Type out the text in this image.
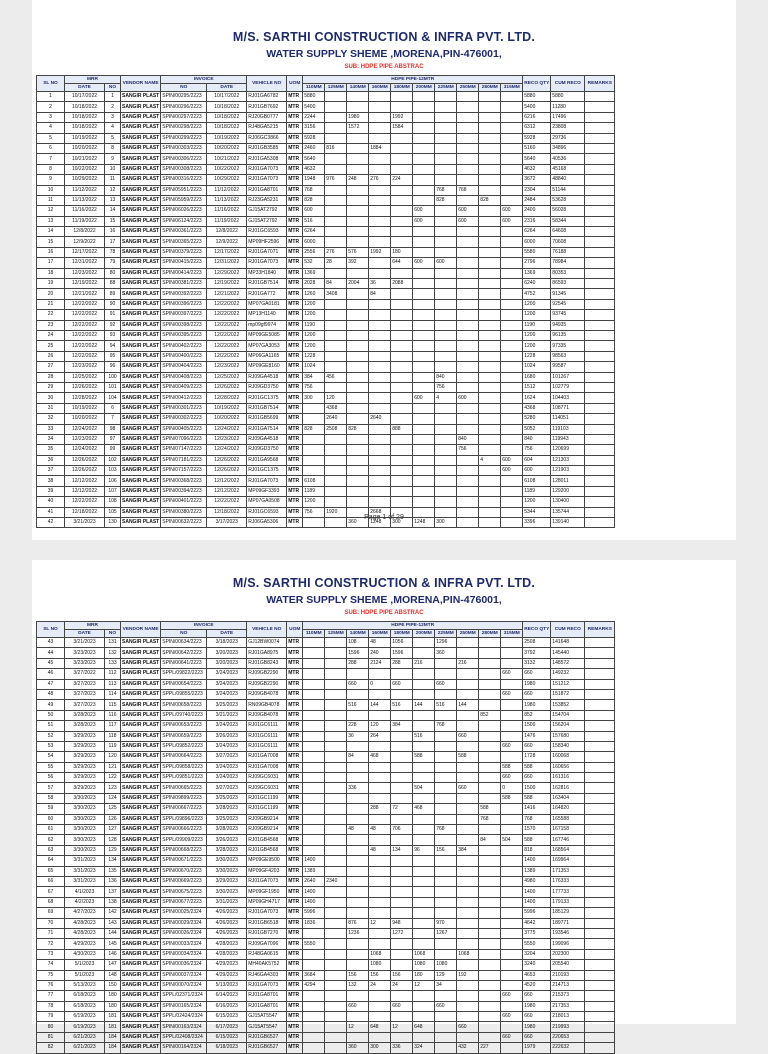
M/S. SARTHI CONSTRUCTION & INFRA PVT. LTD.
WATER SUPPLY SHEME ,MORENA,PIN-476001,
SUB: HDPE PIPE ABSTRAC
SL NO	MRR		VENDOR NAME	INVOICE		VEHICLE NO	UOM	HDPE PIPE-12MTR										RECO QTY	CUM RECO	REMARKS
	DATE	NO		NO	DATE			110MM	125MM	140MM	160MM	180MM	200MM	225MM	250MM	280MM	315MM			
1	10/17/2022	1	SANGIR PLAST	SPIN/00295/2223	10/17/2022	RJ01GA6782	MTR	5880										5880	5880	
2	10/18/2022	2	SANGIR PLAST	SPIN/00296/2223	10/18/2022	RJ01GB7692	MTR	5400										5400	11280	
3	10/18/2022	3	SANGIR PLAST	SPIN/00297/2223	10/18/2022	RJ20GB0777	MTR	2244		1980		1992						6216	17496	
4	10/18/2022	4	SANGIR PLAST	SPIN/00298/2223	10/18/2022	RJ48GA5215	MTR	3156		1572		1584						6312	23808	
5	10/19/2022	5	SANGIR PLAST	SPIN/00299/2223	10/19/2022	RJ06GC3866	MTR	5928										5928	29736	
6	10/20/2022	8	SANGIR PLAST	SPIN/00303/2223	10/20/2022	RJ01GB3585	MTR	2460	816		1884							5160	34896	
7	10/21/2022	9	SANGIR PLAST	SPIN/00306/2223	10/21/2022	RJ01GA5308	MTR	5640										5640	40536	
8	10/22/2022	10	SANGIR PLAST	SPIN/00308/2223	10/22/2022	RJ01GA7073	MTR	4632										4632	45168	
9	10/29/2022	11	SANGIR PLAST	SPIN/00316/2223	10/29/2022	RJ01GA7073	MTR	1948	976	248	276	224						3672	48840	
10	11/12/2022	12	SANGIR PLAST	SPIN/05951/2223	11/12/2022	RJ01GA8701	MTR	768						768	768			2304	51144	
11	11/13/2022	13	SANGIR PLAST	SPIN/05959/2223	11/13/2022	RJ23GA5231	MTR	828						828		828		2484	53628	
12	11/16/2022	14	SANGIR PLAST	SPIN/06026/2223	11/16/2022	GJ15AT2792	MTR	600					600		600		600	2400	56028	
13	11/19/2022	15	SANGIR PLAST	SPIN/06124/2223	11/19/2022	GJ15AT2792	MTR	516					600		600		600	2316	58344	
14	12/8/2022	16	SANGIR PLAST	SPIN/00361/2223	12/8/2022	RJ01GC6593	MTR	6264										6264	64608	
15	12/9/2022	17	SANGIR PLAST	SPIN/00365/2223	12/9/2022	MP09HF2596	MTR	6000										6000	70608	
16	12/17/2022	78	SANGIR PLAST	SPIN/00379/2223	12/17/2022	RJ01GA7071	MTR	2556	276	576	1992	180						5580	76188	
17	12/31/2022	79	SANGIR PLAST	SPIN/00415/2223	12/31/2022	RJ01GA7073	MTR	532	28	392		644	600	600				2796	78984	
18	12/23/2022	80	SANGIR PLAST	SPIN/00414/2223	12/29/2022	MP33H1840	MTR	1369										1369	80353	
19	12/19/2022	88	SANGIR PLAST	SPIN/00381/2223	12/19/2022	RJ01GB7514	MTR	2028	84	2004	36	2088						6240	86593	
20	12/21/2022	89	SANGIR PLAST	SPIN/00392/2223	12/21/2022	RJ01GA772	MTR	1260	3408		84							4752	91345	
21	12/22/2022	90	SANGIR PLAST	SPIN/00396/2223	12/22/2022	MP07GA0181	MTR	1200										1200	92545	
22	12/22/2022	91	SANGIR PLAST	SPIN/00397/2223	12/22/2022	MP13H1140	MTR	1200										1200	93745	
23	12/22/2022	92	SANGIR PLAST	SPIN/00398/2223	12/22/2022	mp09gf9974	MTR	1190										1190	94935	
24	12/22/2022	93	SANGIR PLAST	SPIN/00395/2223	12/22/2022	MP09GE5085	MTR	1200										1200	96135	
25	12/22/2022	94	SANGIR PLAST	SPIN/00402/2223	12/22/2022	MP07GA3053	MTR	1200										1200	97335	
26	12/22/2022	95	SANGIR PLAST	SPIN/00400/2223	12/22/2022	MP06GA1165	MTR	1228										1228	98563	
27	12/23/2022	96	SANGIR PLAST	SPIN/00404/2223	12/23/2022	MP09GE8160	MTR	1024										1024	99587	
28	12/25/2022	100	SANGIR PLAST	SPIN/00408/2223	12/25/2022	RJ09GA4518	MTR	384	456					840				1680	101267	
29	12/26/2022	101	SANGIR PLAST	SPIN/00409/2223	12/26/2022	RJ09GD3750	MTR	756						756				1512	102779	
30	12/28/2022	104	SANGIR PLAST	SPIN/00412/2223	12/28/2022	RJ01GC1375	MTR	300	120				600	4	600			1624	104403	
31	10/19/2022	6	SANGIR PLAST	SPIN/00301/2223	10/19/2022	RJ01GB7514	MTR		4368									4368	108771	
32	10/20/2022	7	SANGIR PLAST	SPIN/00302/2223	10/20/2022	RJ01GB5699	MTR		2640		2640							5280	114051	
33	12/24/2022	98	SANGIR PLAST	SPIN/00405/2223	12/24/2022	RJ01GA7514	MTR	828	2508	828		888						5052	119103	
34	12/23/2022	97	SANGIR PLAST	SPIN/07096/2223	12/23/2022	RJ09GA4518	MTR								840			840	119943	
35	12/24/2022	99	SANGIR PLAST	SPIN/07147/2223	12/24/2022	RJ09GD3750	MTR								756			756	120699	
36	12/26/2022	102	SANGIR PLAST	SPIN/07181/2223	12/26/2022	RJ01GA9568	MTR									4	600	604	121303	
37	12/26/2022	103	SANGIR PLAST	SPIN/07157/2223	12/26/2022	RJ01GC1375	MTR										600	600	121903	
38	12/12/2022	106	SANGIR PLAST	SPIN/00368/2223	12/12/2022	RJ01GA7073	MTR	6108										6108	128011	
39	12/12/2022	107	SANGIR PLAST	SPIN/00394/2223	12/12/2022	MP09GF3393	MTR	1189										1189	129200	
40	12/22/2022	108	SANGIR PLAST	SPIN/00401/2223	12/22/2022	MP07GA0508	MTR	1200										1200	130400	
41	12/18/2022	105	SANGIR PLAST	SPIN/00380/2223	12/18/2022	RJ01GC6593	MTR	756	1920		2668							5344	135744	
42	3/21/2023	130	SANGIR PLAST	SPIN/00632/2223	3/17/2023	RJ06GA5306	MTR			360	1248	300	1248	300				3396	139140	
Page 1 of 29
M/S. SARTHI CONSTRUCTION & INFRA PVT. LTD.
WATER SUPPLY SHEME ,MORENA,PIN-476001,
SUB: HDPE PIPE ABSTRAC
SL NO	MRR		VENDOR NAME	INVOICE		VEHICLE NO	UOM	HDPE PIPE-12MTR										RECO QTY	CUM RECO	REMARKS
	DATE	NO		NO	DATE			110MM	125MM	140MM	160MM	180MM	200MM	225MM	250MM	280MM	315MM			
43	3/21/2023	131	SANGIR PLAST	SPIN/00634/2223	3/18/2023	GJ12BW0074	MTR			108	48	1056		1296				2508	141648	
44	3/23/2023	132	SANGIR PLAST	SPIN/00642/2223	3/20/2023	RJ01GA8975	MTR			1596	240	1596		360				3792	145440	
45	3/23/2023	133	SANGIR PLAST	SPIN/00641/2223	3/20/2023	RJ01GB8243	MTR			288	2124	288	216		216			3132	148572	
46	3/27/2022	112	SANGIR PLAST	SPPL/09822/2223	3/24/2023	RJ09GB2290	MTR										660	660	149232	
47	3/27/2023	113	SANGIR PLAST	SPIN/00654/2223	3/24/2023	RJ09GB2290	MTR			660	0	660		660				1980	151212	
48	3/27/2023	114	SANGIR PLAST	SPPL/09855/2223	3/24/2023	RJ09GB4078	MTR										660	660	151872	
49	3/27/2023	115	SANGIR PLAST	SPIN/00658/2223	3/25/2023	RN09GB4078	MTR			516	144	516	144	516	144			1980	153852	
50	3/28/2023	116	SANGIR PLAST	SPPL/09740/2223	3/21/2023	RJ09GB4078	MTR									852		852	154704	
51	3/28/2023	117	SANGIR PLAST	SPIN/00653/2223	3/24/2023	RJ01GC6111	MTR			228	120	384		768				1500	156204	
52	3/29/2023	118	SANGIR PLAST	SPIN/00659/2223	3/26/2023	RJ01GC6111	MTR			36	264		516		660			1476	157680	
53	3/29/2023	119	SANGIR PLAST	SPPL/09852/2223	3/24/2023	RJ01GC6111	MTR										660	660	158340	
54	3/29/2023	120	SANGIR PLAST	SPIN/00664/2223	3/27/2023	RJ01GA7008	MTR			84	468		588		588			1728	160068	
55	3/29/2023	121	SANGIR PLAST	SPPL/09858/2223	3/24/2023	RJ01GA7008	MTR										588	588	160656	
56	3/29/2023	122	SANGIR PLAST	SPPL/09851/2223	3/24/2023	RJ09GC6031	MTR										660	660	161316	
57	3/29/2023	123	SANGIR PLAST	SPIN/00665/2223	3/27/2023	RJ09GC6031	MTR			336			504		660		0	1500	162816	
58	3/30/2023	124	SANGIR PLAST	SPIN/09899/2223	3/25/2023	RJ01GC1199	MTR										588	588	163404	
59	3/30/2023	125	SANGIR PLAST	SPIN/00667/2223	3/28/2023	RJ01GC1199	MTR				288	72	468			588		1416	164820	
60	3/30/2023	126	SANGIR PLAST	SPPL/09896/2223	3/25/2023	RJ09GB9214	MTR									768		768	165588	
61	3/30/2023	127	SANGIR PLAST	SPIN/00666/2223	3/28/2023	RJ09GB9214	MTR			48	48	706		768				1570	167158	
62	3/30/2023	128	SANGIR PLAST	SPPL/09909/2223	3/26/2023	RJ01GB4568	MTR									84	504	588	167746	
63	3/30/2023	129	SANGIR PLAST	SPIN/00668/2223	3/28/2023	RJ01GB4568	MTR				48	134	96	156	384			818	168564	
64	3/31/2023	134	SANGIR PLAST	SPIN/00671/2223	3/30/2023	MP09GE9500	MTR	1400										1400	169964	
65	3/31/2023	135	SANGIR PLAST	SPIN/00670/2223	3/30/2023	MP09GF4203	MTR	1389										1389	171353	
66	3/31/2023	136	SANGIR PLAST	SPIN/00669/2223	3/29/2023	RJ01GA7073	MTR	2640	2340									4980	176333	
67	4/1/2023	137	SANGIR PLAST	SPIN/00675/2223	3/30/2023	MP09GF1950	MTR	1400										1400	177733	
68	4/2/2023	138	SANGIR PLAST	SPIN/00677/2223	3/31/2023	MP09GH4717	MTR	1400										1400	179133	
69	4/27/2023	142	SANGIR PLAST	SPIN/00025/2324	4/26/2023	RJ01GA7073	MTR	5996										5996	185129	
70	4/28/2023	143	SANGIR PLAST	SPIN/00029/2324	4/26/2023	RJ01GB6518	MTR	1836		876	12	948		970				4642	189771	
71	4/28/2023	144	SANGIR PLAST	SPIN/00026/2324	4/26/2023	RJ01GB7270	MTR			1236		1272		1267				3775	193546	
72	4/29/2023	145	SANGIR PLAST	SPIN/00033/2324	4/28/2023	RJ09GA7096	MTR	5550										5550	199096	
73	4/30/2023	146	SANGIR PLAST	SPIN/00034/2324	4/28/2023	RJ48GA0615	MTR				1068		1068		1068			3204	202300	
74	5/1/2023	147	SANGIR PLAST	SPIN/00036/2324	4/29/2023	MH40AK5752	MTR				1080		1080	1080				3240	205540	
75	5/1/2023	148	SANGIR PLAST	SPIN/00037/2324	4/29/2023	RJ46GA4303	MTR	3684		156	156	156	180	129	192			4653	210193	
76	5/13/2023	150	SANGIR PLAST	SPIN/00070/2324	5/13/2023	RJ01GA7073	MTR	4294		132	24	24	12	34				4520	214713	
77	6/18/2023	180	SANGIR PLAST	SPPL/02371/2324	6/14/2023	RJ01GA8701	MTR										660	660	215373	
78	6/18/2023	180	SANGIR PLAST	SPIN/00165/2324	6/16/2023	RJ01GA8701	MTR			660		660		660				1980	217353	
79	6/19/2023	181	SANGIR PLAST	SPPL/02424/2324	6/15/2023	GJ15AT5547	MTR										660	660	218013	
80	6/19/2023	181	SANGIR PLAST	SPIN/00163/2324	6/17/2023	GJ15AT5547	MTR			12	648	12	648		660			1980	219993	
81	6/21/2023	184	SANGIR PLAST	SPPL/02408/2324	6/15/2023	RJ01GB6527	MTR										660	660	220653	
82	6/21/2023	184	SANGIR PLAST	SPIN/00164/2324	6/18/2023	RJ01GB6527	MTR			360	300	336	324		432	227		1979	222632	
